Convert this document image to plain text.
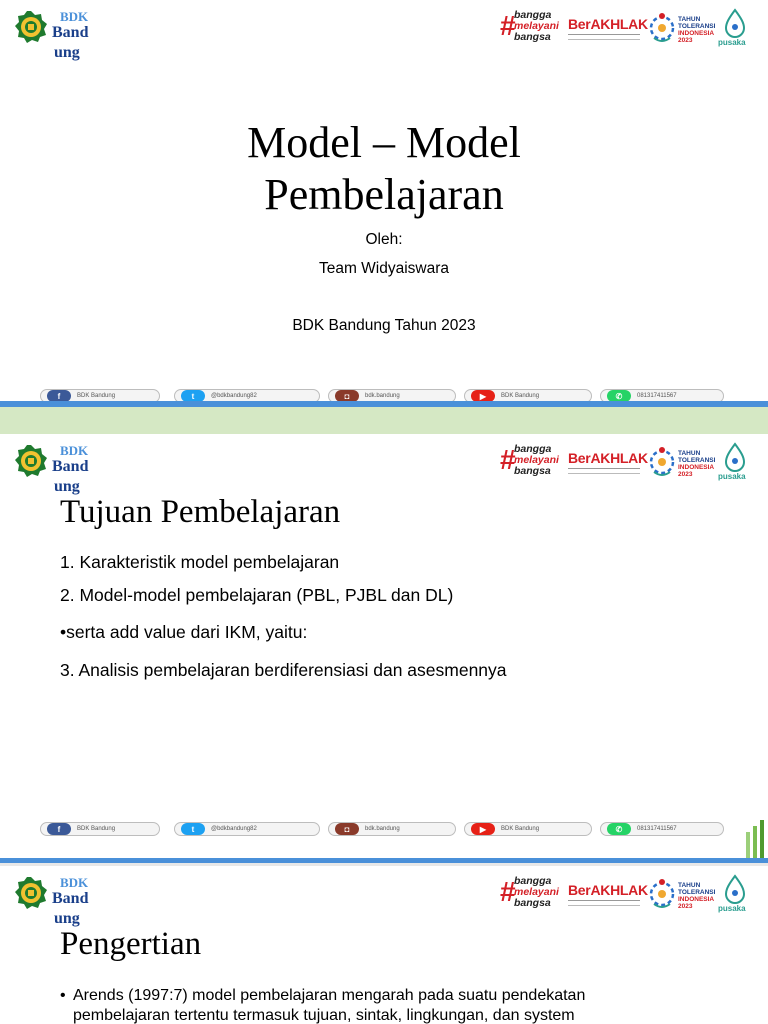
BDK
Band
ung
#
bangga
melayani
bangsa
BerAKHLAK	TAHUN
TOLERANSI
INDONESIA
2023	pusaka
Model – Model
Pembelajaran
Oleh:
Team Widyaiswara
BDK Bandung Tahun 2023
f	BDK Bandung	t	@bdkbandung82	◘	bdk.bandung	▶	BDK Bandung	✆	081317411567
BDK
Band
ung
#
bangga
melayani
bangsa
BerAKHLAK	TAHUN
TOLERANSI
INDONESIA
2023	pusaka
Tujuan Pembelajaran
1. Karakteristik model pembelajaran
2. Model-model pembelajaran (PBL, PJBL dan DL)
•serta add value dari IKM, yaitu:
3. Analisis pembelajaran berdiferensiasi dan asesmennya
f	BDK Bandung	t	@bdkbandung82	◘	bdk.bandung	▶	BDK Bandung	✆	081317411567
BDK
Band
ung
#
bangga
melayani
bangsa
BerAKHLAK	TAHUN
TOLERANSI
INDONESIA
2023	pusaka
Pengertian
• Arends (1997:7) model pembelajaran mengarah pada suatu pendekatan
pembelajaran tertentu termasuk tujuan, sintak, lingkungan, dan system
